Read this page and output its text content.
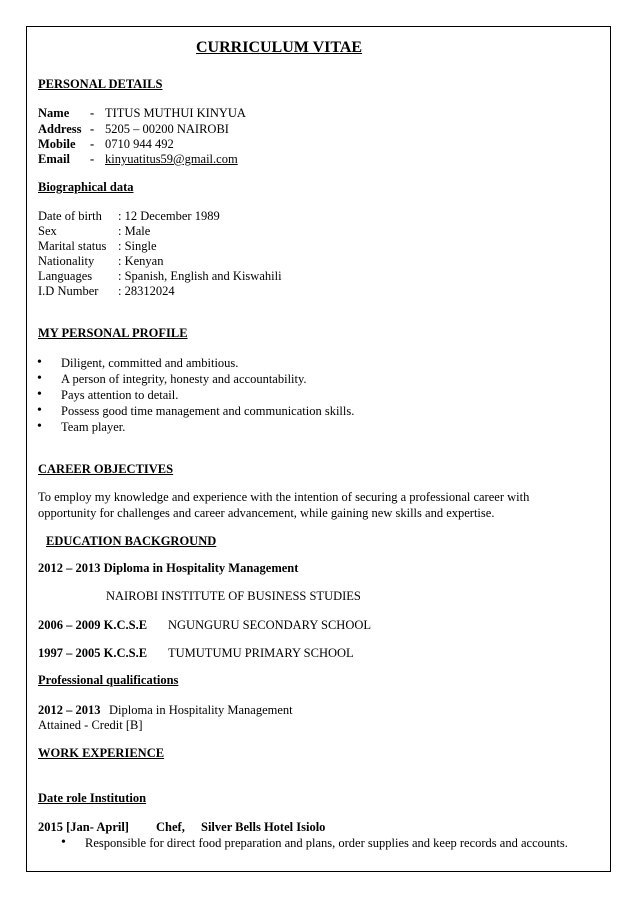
CURRICULUM VITAE
PERSONAL DETAILS
Name - TITUS MUTHUI KINYUA
Address - 5205 – 00200 NAIROBI
Mobile - 0710 944 492
Email - kinyuatitus59@gmail.com
Biographical data
Date of birth : 12 December 1989
Sex	: Male
Marital status : Single
Nationality : Kenyan
Languages : Spanish, English and Kiswahili
I.D Number : 28312024
MY PERSONAL PROFILE
• Diligent, committed and ambitious.
• A person of integrity, honesty and accountability.
• Pays attention to detail.
• Possess good time management and communication skills.
• Team player.
CAREER OBJECTIVES
To employ my knowledge and experience with the intention of securing a professional career with
opportunity for challenges and career advancement, while gaining new skills and expertise.
EDUCATION BACKGROUND
2012 – 2013 Diploma in Hospitality Management
NAIROBI INSTITUTE OF BUSINESS STUDIES
2006 – 2009 K.C.S.E NGUNGURU SECONDARY SCHOOL
1997 – 2005 K.C.S.E TUMUTUMU PRIMARY SCHOOL
Professional qualifications
2012 – 2013 Diploma in Hospitality Management
Attained - Credit [B]
WORK EXPERIENCE
Date role Institution
2015 [Jan- April] Chef, Silver Bells Hotel Isiolo
• Responsible for direct food preparation and plans, order supplies and keep records and accounts.
